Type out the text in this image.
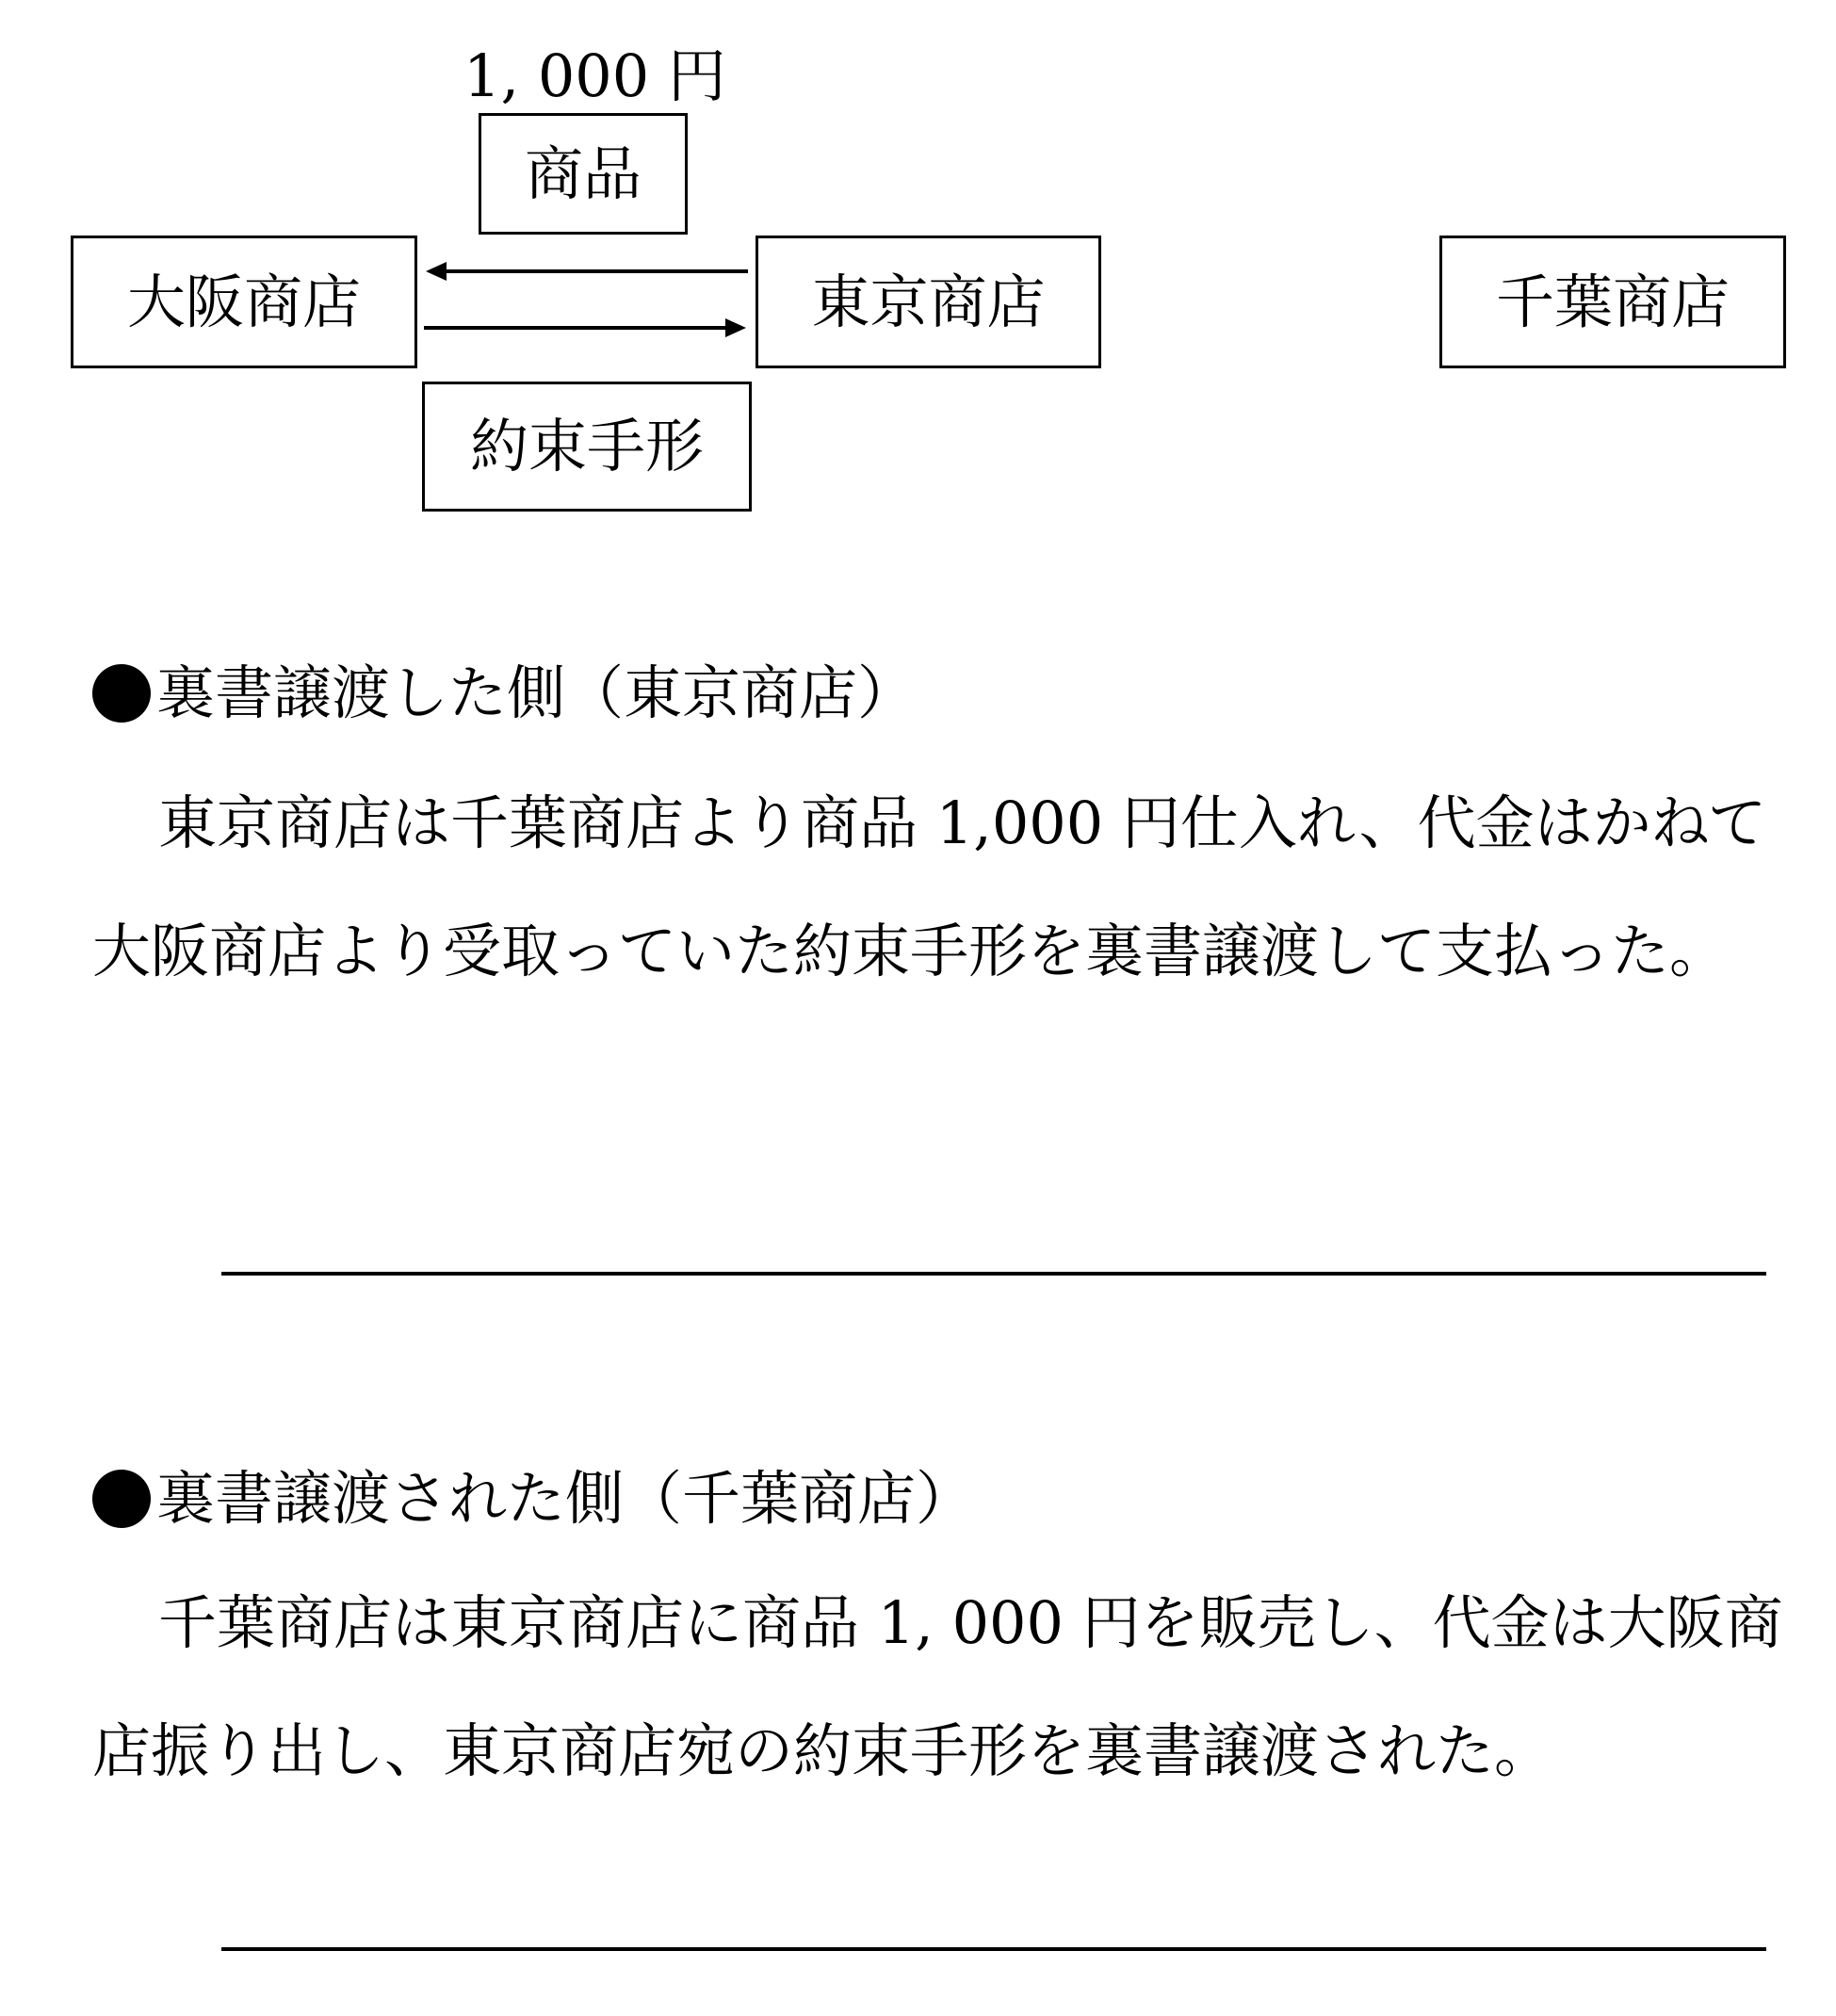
1, 000 円
商品
大阪商店	東京商店	千葉商店
約束手形
裏書譲渡した側（東京商店）

東京商店は千葉商店より商品 1,000 円仕入れ、代金はかねて大阪商店より受取っていた約束手形を裏書譲渡して支払った。

裏書譲渡された側（千葉商店）

千葉商店は東京商店に商品 1, 000 円を販売し、代金は大阪商店振り出し、東京商店宛の約束手形を裏書譲渡された。
